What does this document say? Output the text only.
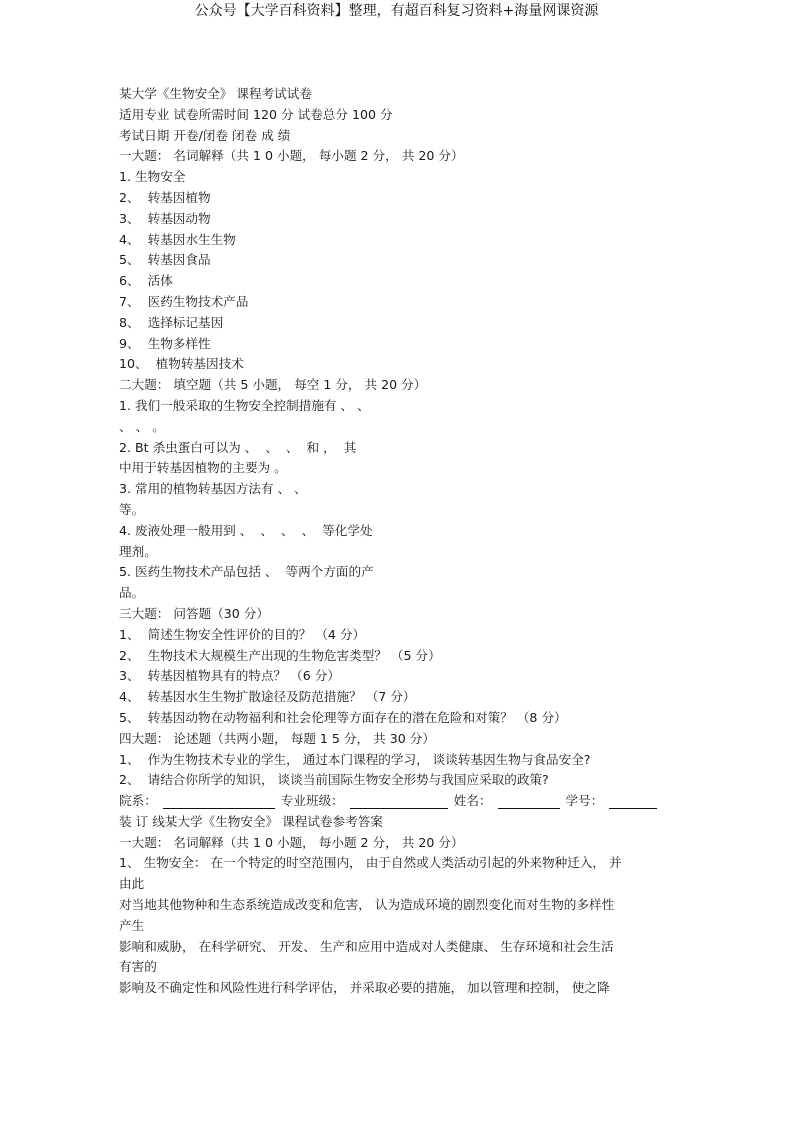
公众号【大学百科资料】整理，有超百科复习资料+海量网课资源
某大学《生物安全》 课程考试试卷
适用专业 试卷所需时间 120 分 试卷总分 100 分
考试日期 开卷/闭卷 闭卷 成 绩
一大题： 名词解释（共 1 0 小题， 每小题 2 分， 共 20 分）
1. 生物安全
2、  转基因植物
3、  转基因动物
4、  转基因水生生物
5、  转基因食品
6、  活体
7、  医药生物技术产品
8、  选择标记基因
9、  生物多样性
10、  植物转基因技术
二大题： 填空题（共 5 小题， 每空 1 分， 共 20 分）
1. 我们一般采取的生物安全控制措施有 、 、
、 、 。
2. Bt 杀虫蛋白可以为 、  、  、  和 ，  其
中用于转基因植物的主要为 。
3. 常用的植物转基因方法有 、 、
等。
4. 废液处理一般用到 、  、  、  、  等化学处
理剂。
5. 医药生物技术产品包括 、  等两个方面的产
品。
三大题： 问答题（30 分）
1、  简述生物安全性评价的目的？ （4 分）
2、  生物技术大规模生产出现的生物危害类型？ （5 分）
3、  转基因植物具有的特点？ （6 分）
4、  转基因水生生物扩散途径及防范措施？ （7 分）
5、  转基因动物在动物福利和社会伦理等方面存在的潜在危险和对策？ （8 分）
四大题： 论述题（共两小题， 每题 1 5 分， 共 30 分）
1、  作为生物技术专业的学生， 通过本门课程的学习， 谈谈转基因生物与食品安全?
2、  请结合你所学的知识， 谈谈当前国际生物安全形势与我国应采取的政策?
院系：	专业班级：	姓名：	学号：
装 订 线某大学《生物安全》 课程试卷参考答案
一大题： 名词解释（共 1 0 小题， 每小题 2 分， 共 20 分）
1、 生物安全： 在一个特定的时空范围内， 由于自然或人类活动引起的外来物种迁入， 并
由此
对当地其他物种和生态系统造成改变和危害， 认为造成环境的剧烈变化而对生物的多样性
产生
影响和威胁， 在科学研究、 开发、 生产和应用中造成对人类健康、 生存环境和社会生活
有害的
影响及不确定性和风险性进行科学评估， 并采取必要的措施， 加以管理和控制， 使之降
